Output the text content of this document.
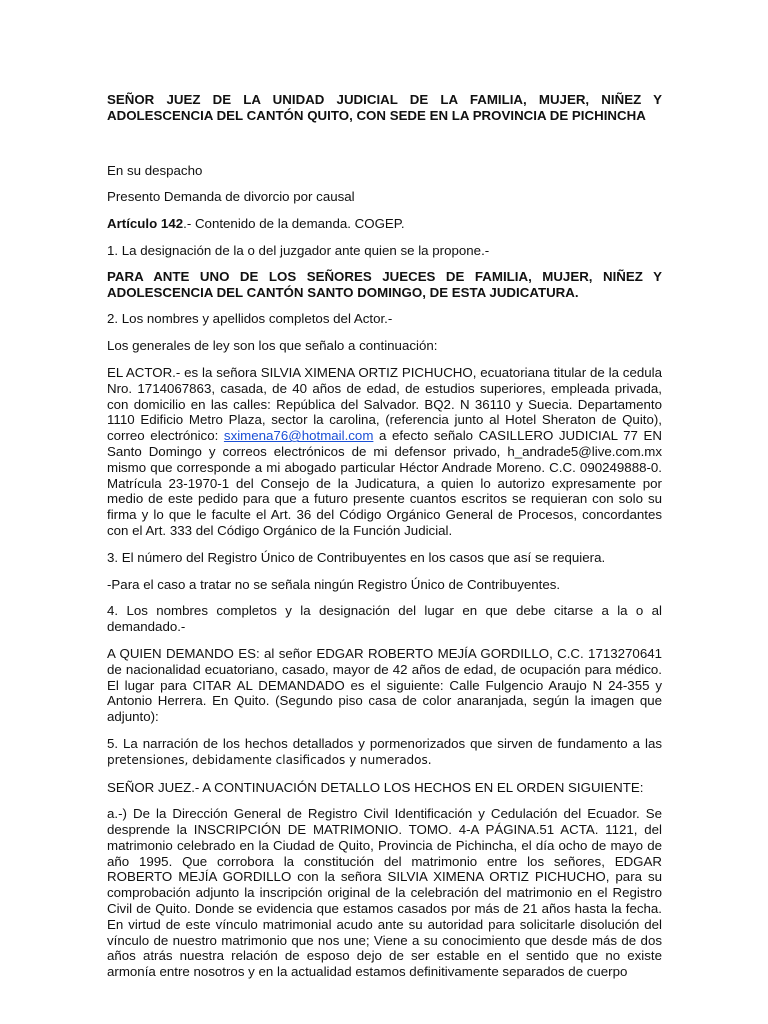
SEÑOR JUEZ DE LA UNIDAD JUDICIAL DE LA FAMILIA, MUJER, NIÑEZ Y ADOLESCENCIA DEL CANTÓN QUITO, CON SEDE EN LA PROVINCIA DE PICHINCHA

En su despacho

Presento Demanda de divorcio por causal

Artículo 142.- Contenido de la demanda. COGEP.

1. La designación de la o del juzgador ante quien se la propone.-

PARA ANTE UNO DE LOS SEÑORES JUECES DE FAMILIA, MUJER, NIÑEZ Y ADOLESCENCIA DEL CANTÓN SANTO DOMINGO, DE ESTA JUDICATURA.

2. Los nombres y apellidos completos del Actor.-

Los generales de ley son los que señalo a continuación:

EL ACTOR.- es la señora SILVIA XIMENA ORTIZ PICHUCHO, ecuatoriana titular de la cedula Nro. 1714067863, casada, de 40 años de edad, de estudios superiores, empleada privada, con domicilio en las calles: República del Salvador. BQ2. N 36110 y Suecia. Departamento 1110 Edificio Metro Plaza, sector la carolina, (referencia junto al Hotel Sheraton de Quito), correo electrónico: sximena76@hotmail.com a efecto señalo CASILLERO JUDICIAL 77 EN Santo Domingo y correos electrónicos de mi defensor privado, h_andrade5@live.com.mx mismo que corresponde a mi abogado particular Héctor Andrade Moreno. C.C. 090249888-0. Matrícula 23-1970-1 del Consejo de la Judicatura, a quien lo autorizo expresamente por medio de este pedido para que a futuro presente cuantos escritos se requieran con solo su firma y lo que le faculte el Art. 36 del Código Orgánico General de Procesos, concordantes con el Art. 333 del Código Orgánico de la Función Judicial.

3. El número del Registro Único de Contribuyentes en los casos que así se requiera.

-Para el caso a tratar no se señala ningún Registro Único de Contribuyentes.

4. Los nombres completos y la designación del lugar en que debe citarse a la o al demandado.-

A QUIEN DEMANDO ES: al señor EDGAR ROBERTO MEJÍA GORDILLO, C.C. 1713270641 de nacionalidad ecuatoriano, casado, mayor de 42 años de edad, de ocupación para médico. El lugar para CITAR AL DEMANDADO es el siguiente: Calle Fulgencio Araujo N 24-355 y Antonio Herrera. En Quito. (Segundo piso casa de color anaranjada, según la imagen que adjunto):

5. La narración de los hechos detallados y pormenorizados que sirven de fundamento a las pretensiones, debidamente clasificados y numerados.

SEÑOR JUEZ.- A CONTINUACIÓN DETALLO LOS HECHOS EN EL ORDEN SIGUIENTE:

a.-) De la Dirección General de Registro Civil Identificación y Cedulación del Ecuador. Se desprende la INSCRIPCIÓN DE MATRIMONIO. TOMO. 4-A PÁGINA.51 ACTA. 1121, del matrimonio celebrado en la Ciudad de Quito, Provincia de Pichincha, el día ocho de mayo de año 1995. Que corrobora la constitución del matrimonio entre los señores, EDGAR ROBERTO MEJÍA GORDILLO con la señora SILVIA XIMENA ORTIZ PICHUCHO, para su comprobación adjunto la inscripción original de la celebración del matrimonio en el Registro Civil de Quito. Donde se evidencia que estamos casados por más de 21 años hasta la fecha. En virtud de este vínculo matrimonial acudo ante su autoridad para solicitarle disolución del vínculo de nuestro matrimonio que nos une; Viene a su conocimiento que desde más de dos años atrás nuestra relación de esposo dejo de ser estable en el sentido que no existe armonía entre nosotros y en la actualidad estamos definitivamente separados de cuerpo
